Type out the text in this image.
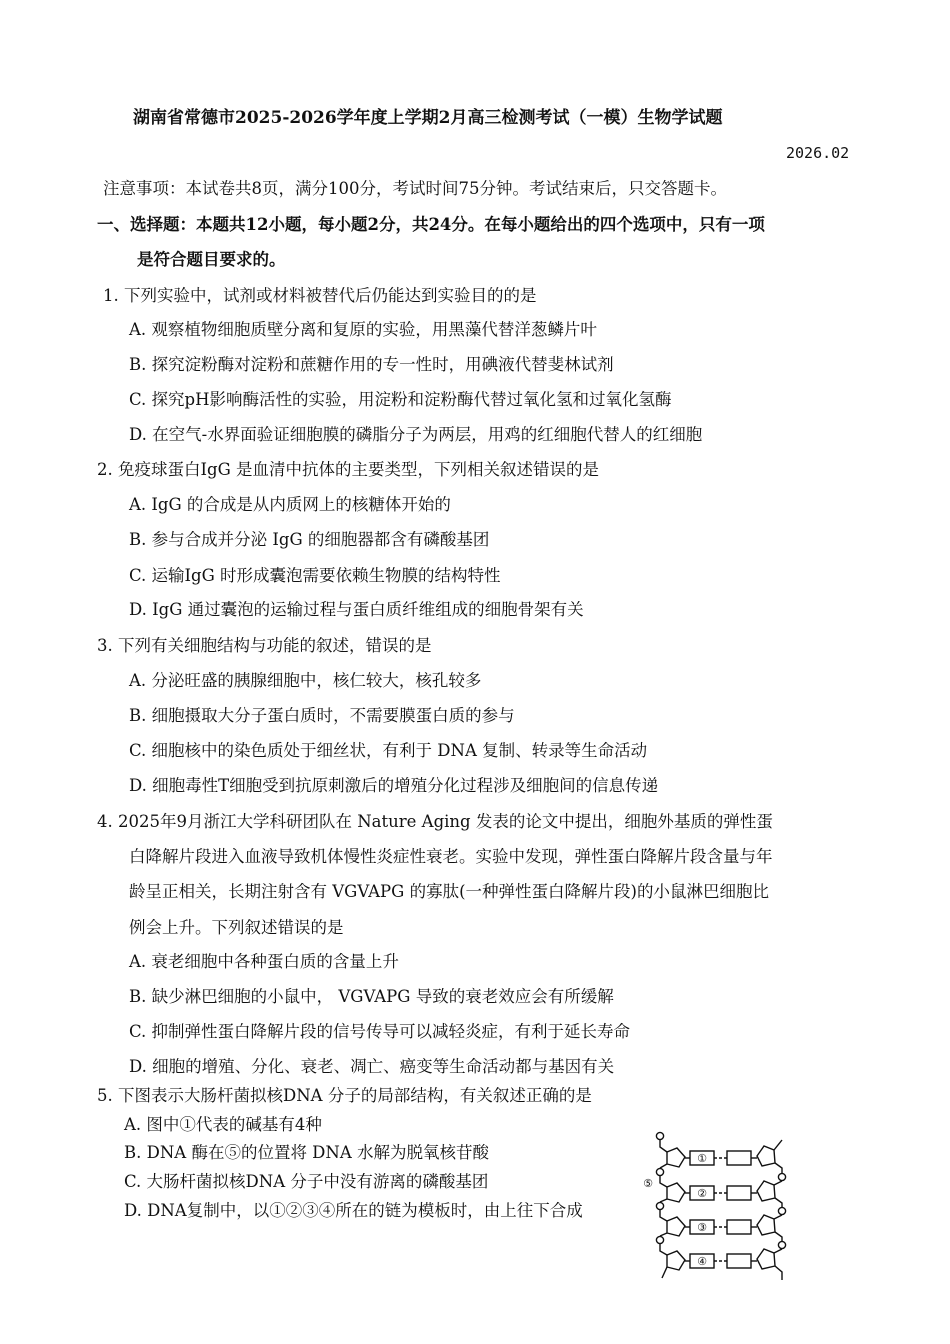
湖南省常德市2025-2026学年度上学期2月高三检测考试（一模）生物学试题
2026.02
注意事项：本试卷共8页，满分100分，考试时间75分钟。考试结束后，只交答题卡。
一、选择题：本题共12小题，每小题2分，共24分。在每小题给出的四个选项中，只有一项
是符合题目要求的。
1. 下列实验中，试剂或材料被替代后仍能达到实验目的的是
A. 观察植物细胞质壁分离和复原的实验，用黑藻代替洋葱鳞片叶
B. 探究淀粉酶对淀粉和蔗糖作用的专一性时，用碘液代替斐林试剂
C. 探究pH影响酶活性的实验，用淀粉和淀粉酶代替过氧化氢和过氧化氢酶
D. 在空气-水界面验证细胞膜的磷脂分子为两层，用鸡的红细胞代替人的红细胞
2. 免疫球蛋白IgG 是血清中抗体的主要类型，下列相关叙述错误的是
A. IgG 的合成是从内质网上的核糖体开始的
B. 参与合成并分泌 IgG 的细胞器都含有磷酸基团
C. 运输IgG 时形成囊泡需要依赖生物膜的结构特性
D. IgG 通过囊泡的运输过程与蛋白质纤维组成的细胞骨架有关
3. 下列有关细胞结构与功能的叙述，错误的是
A. 分泌旺盛的胰腺细胞中，核仁较大，核孔较多
B. 细胞摄取大分子蛋白质时，不需要膜蛋白质的参与
C. 细胞核中的染色质处于细丝状，有利于 DNA 复制、转录等生命活动
D. 细胞毒性T细胞受到抗原刺激后的增殖分化过程涉及细胞间的信息传递
4. 2025年9月浙江大学科研团队在 Nature Aging 发表的论文中提出，细胞外基质的弹性蛋
白降解片段进入血液导致机体慢性炎症性衰老。实验中发现，弹性蛋白降解片段含量与年
龄呈正相关，长期注射含有 VGVAPG 的寡肽(一种弹性蛋白降解片段)的小鼠淋巴细胞比
例会上升。下列叙述错误的是
A. 衰老细胞中各种蛋白质的含量上升
B. 缺少淋巴细胞的小鼠中， VGVAPG 导致的衰老效应会有所缓解
C. 抑制弹性蛋白降解片段的信号传导可以减轻炎症，有利于延长寿命
D. 细胞的增殖、分化、衰老、凋亡、癌变等生命活动都与基因有关
5. 下图表示大肠杆菌拟核DNA 分子的局部结构，有关叙述正确的是
A. 图中①代表的碱基有4种
B. DNA 酶在⑤的位置将 DNA 水解为脱氧核苷酸
C. 大肠杆菌拟核DNA 分子中没有游离的磷酸基团
D. DNA复制中，以①②③④所在的链为模板时，由上往下合成
①
②
③
④
⑤
